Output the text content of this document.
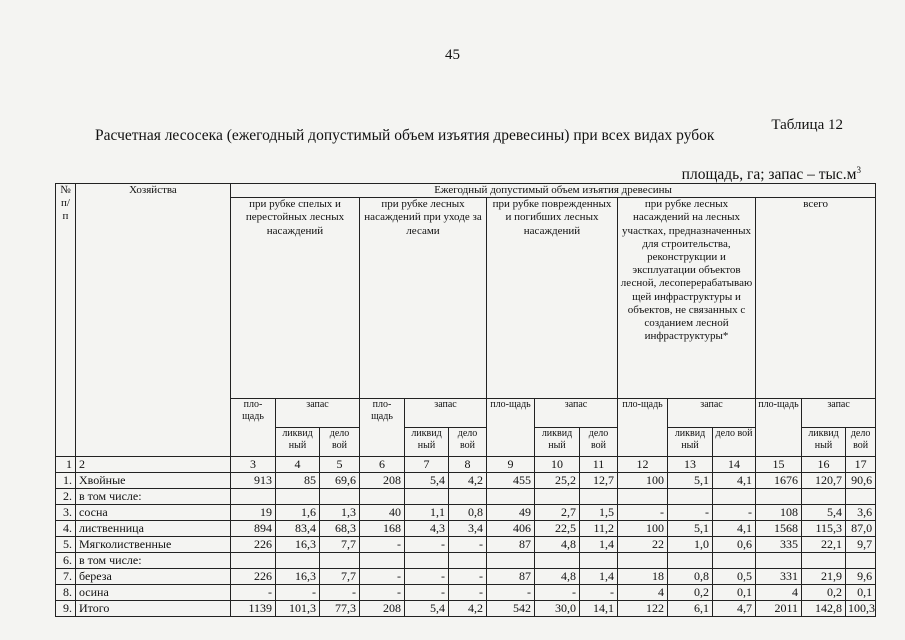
45
Таблица 12
Расчетная лесосека (ежегодный допустимый объем изъятия древесины) при всех видах рубок
площадь, га; запас – $тыс.м^3$
№ п/ п	Хозяйства	Ежегодный допустимый объем изъятия древесины														
		при рубке спелых и перестойных лесных насаждений			при рубке лесных насаждений при уходе за лесами			при рубке поврежденных и погибших лесных насаждений			при рубке лесных насаждений на лесных участках, предназначенных для строительства, реконструкции и эксплуатации объектов лесной, лесоперерабатываю щей инфраструктуры и объектов, не связанных с созданием лесной инфраструктуры*			всего		
		пло-щадь	запас		пло-щадь	запас		пло-щадь	запас		пло-щадь	запас		пло-щадь	запас	
			ликвид ный	дело вой		ликвид ный	дело вой		ликвид ный	дело вой		ликвид ный	дело вой		ликвид ный	дело вой
1	2	3	4	5	6	7	8	9	10	11	12	13	14	15	16	17
1.	Хвойные	913	85	69,6	208	5,4	4,2	455	25,2	12,7	100	5,1	4,1	1676	120,7	90,6
2.	в том числе:															
3.	сосна	19	1,6	1,3	40	1,1	0,8	49	2,7	1,5	-	-	-	108	5,4	3,6
4.	лиственница	894	83,4	68,3	168	4,3	3,4	406	22,5	11,2	100	5,1	4,1	1568	115,3	87,0
5.	Мягколиственные	226	16,3	7,7	-	-	-	87	4,8	1,4	22	1,0	0,6	335	22,1	9,7
6.	в том числе:															
7.	береза	226	16,3	7,7	-	-	-	87	4,8	1,4	18	0,8	0,5	331	21,9	9,6
8.	осина	-	-	-	-	-	-	-	-	-	4	0,2	0,1	4	0,2	0,1
9.	Итого	1139	101,3	77,3	208	5,4	4,2	542	30,0	14,1	122	6,1	4,7	2011	142,8	100,3
